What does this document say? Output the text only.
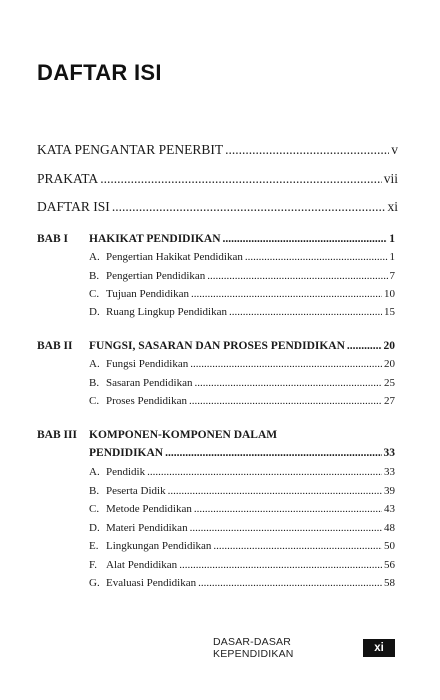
DAFTAR ISI
KATA PENGANTAR PENERBIT .....	v
PRAKATA .....	vii
DAFTAR ISI .....	xi
BAB I	HAKIKAT PENDIDIKAN .....	1
A. Pengertian Hakikat Pendidikan .....	1
B. Pengertian Pendidikan .....	7
C. Tujuan Pendidikan .....	10
D. Ruang Lingkup Pendidikan .....	15
BAB II	FUNGSI, SASARAN DAN PROSES PENDIDIKAN .....	20
A. Fungsi Pendidikan .....	20
B. Sasaran Pendidikan .....	25
C. Proses Pendidikan .....	27
BAB III	KOMPONEN-KOMPONEN DALAM
PENDIDIKAN .....	33
A. Pendidik .....	33
B. Peserta Didik .....	39
C. Metode Pendidikan .....	43
D. Materi Pendidikan .....	48
E. Lingkungan Pendidikan .....	50
F. Alat Pendidikan .....	56
G. Evaluasi Pendidikan .....	58
DASAR-DASAR KEPENDIDIKAN	xi
